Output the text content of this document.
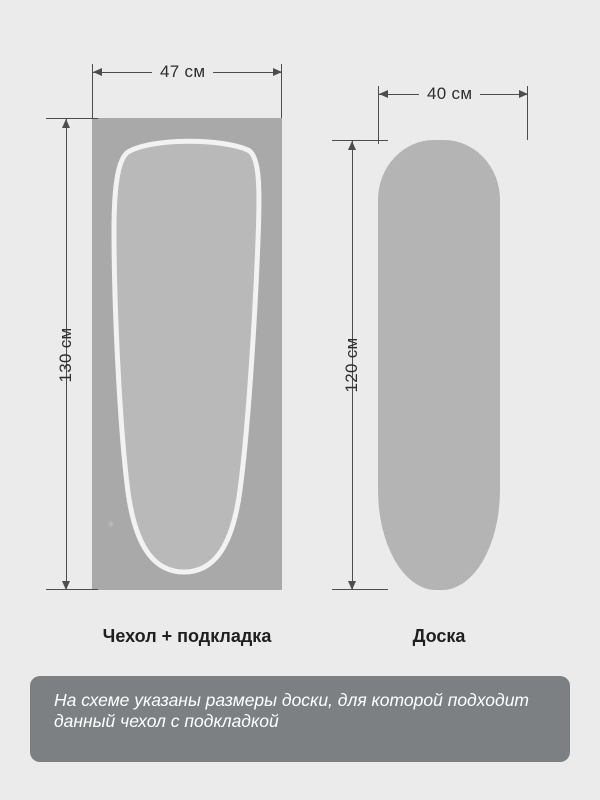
47 см
130 см
Чехол + подкладка
40 см
120 см
Доска
На схеме указаны размеры доски, для которой подходит данный чехол с подкладкой
